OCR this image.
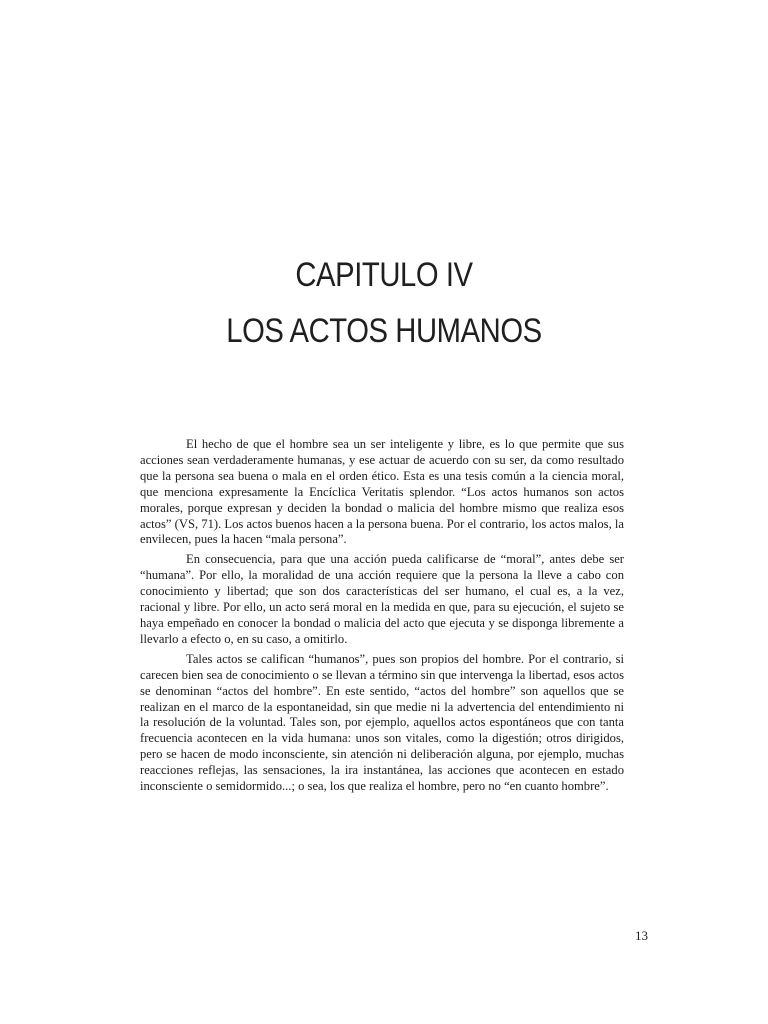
CAPITULO IV
LOS ACTOS HUMANOS

El hecho de que el hombre sea un ser inteligente y libre, es lo que permite que sus acciones sean verdaderamente humanas, y ese actuar de acuerdo con su ser, da como resultado que la persona sea buena o mala en el orden ético. Esta es una tesis común a la ciencia moral, que menciona expresamente la Encíclica Veritatis splendor. “Los actos humanos son actos morales, porque expresan y deciden la bondad o malicia del hombre mismo que realiza esos actos” (VS, 71). Los actos buenos hacen a la persona buena. Por el contrario, los actos malos, la envilecen, pues la hacen “mala persona”.

En consecuencia, para que una acción pueda calificarse de “moral”, antes debe ser “humana”. Por ello, la moralidad de una acción requiere que la persona la lleve a cabo con conocimiento y libertad; que son dos características del ser humano, el cual es, a la vez, racional y libre. Por ello, un acto será moral en la medida en que, para su ejecución, el sujeto se haya empeñado en conocer la bondad o malicia del acto que ejecuta y se disponga libremente a llevarlo a efecto o, en su caso, a omitirlo.

Tales actos se califican “humanos”, pues son propios del hombre. Por el contrario, si carecen bien sea de conocimiento o se llevan a término sin que intervenga la libertad, esos actos se denominan “actos del hombre”. En este sentido, “actos del hombre” son aquellos que se realizan en el marco de la espontaneidad, sin que medie ni la advertencia del entendimiento ni la resolución de la voluntad. Tales son, por ejemplo, aquellos actos espontáneos que con tanta frecuencia acontecen en la vida humana: unos son vitales, como la digestión; otros dirigidos, pero se hacen de modo inconsciente, sin atención ni deliberación alguna, por ejemplo, muchas reacciones reflejas, las sensaciones, la ira instantánea, las acciones que acontecen en estado inconsciente o semidormido...; o sea, los que realiza el hombre, pero no “en cuanto hombre”.

13
